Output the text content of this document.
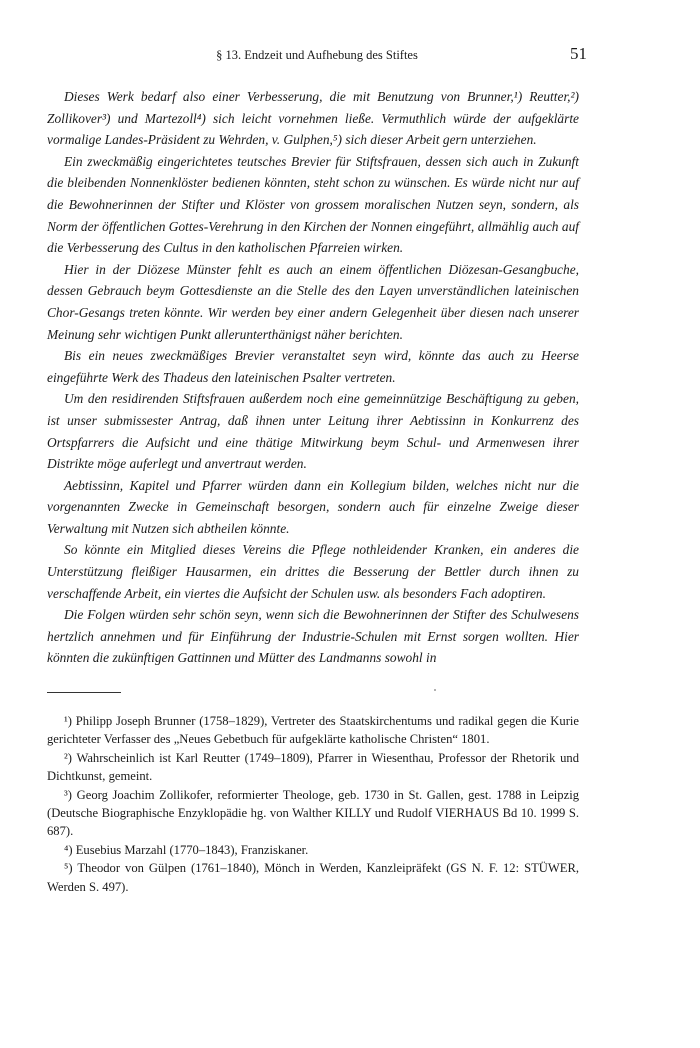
§ 13. Endzeit und Aufhebung des Stiftes	51

Dieses Werk bedarf also einer Verbesserung, die mit Benutzung von Brunner,¹) Reutter,²) Zollikover³) und Martezoll⁴) sich leicht vornehmen ließe. Vermuthlich würde der aufgeklärte vormalige Landes-Präsident zu Wehrden, v. Gulphen,⁵) sich dieser Arbeit gern unterziehen.

Ein zweckmäßig eingerichtetes teutsches Brevier für Stiftsfrauen, dessen sich auch in Zukunft die bleibenden Nonnenklöster bedienen könnten, steht schon zu wünschen. Es würde nicht nur auf die Bewohnerinnen der Stifter und Klöster von grossem moralischen Nutzen seyn, sondern, als Norm der öffentlichen Gottes-Verehrung in den Kirchen der Nonnen eingeführt, allmählig auch auf die Verbesserung des Cultus in den katholischen Pfarreien wirken.

Hier in der Diözese Münster fehlt es auch an einem öffentlichen Diözesan-Gesangbuche, dessen Gebrauch beym Gottesdienste an die Stelle des den Layen unverständlichen lateinischen Chor-Gesangs treten könnte. Wir werden bey einer andern Gelegenheit über diesen nach unserer Meinung sehr wichtigen Punkt allerunterthänigst näher berichten.

Bis ein neues zweckmäßiges Brevier veranstaltet seyn wird, könnte das auch zu Heerse eingeführte Werk des Thadeus den lateinischen Psalter vertreten.

Um den residirenden Stiftsfrauen außerdem noch eine gemeinnützige Beschäftigung zu geben, ist unser submissester Antrag, daß ihnen unter Leitung ihrer Aebtissinn in Konkurrenz des Ortspfarrers die Aufsicht und eine thätige Mitwirkung beym Schul- und Armenwesen ihrer Distrikte möge auferlegt und anvertraut werden.

Aebtissinn, Kapitel und Pfarrer würden dann ein Kollegium bilden, welches nicht nur die vorgenannten Zwecke in Gemeinschaft besorgen, sondern auch für einzelne Zweige dieser Verwaltung mit Nutzen sich abtheilen könnte.

So könnte ein Mitglied dieses Vereins die Pflege nothleidender Kranken, ein anderes die Unterstützung fleißiger Hausarmen, ein drittes die Besserung der Bettler durch ihnen zu verschaffende Arbeit, ein viertes die Aufsicht der Schulen usw. als besonders Fach adoptiren.

Die Folgen würden sehr schön seyn, wenn sich die Bewohnerinnen der Stifter des Schulwesens hertzlich annehmen und für Einführung der Industrie-Schulen mit Ernst sorgen wollten. Hier könnten die zukünftigen Gattinnen und Mütter des Landmanns sowohl in

¹) Philipp Joseph Brunner (1758–1829), Vertreter des Staatskirchentums und radikal gegen die Kurie gerichteter Verfasser des „Neues Gebetbuch für aufgeklärte katholische Christen“ 1801.

²) Wahrscheinlich ist Karl Reutter (1749–1809), Pfarrer in Wiesenthau, Professor der Rhetorik und Dichtkunst, gemeint.

³) Georg Joachim Zollikofer, reformierter Theologe, geb. 1730 in St. Gallen, gest. 1788 in Leipzig (Deutsche Biographische Enzyklopädie hg. von Walther KILLY und Rudolf VIERHAUS Bd 10. 1999 S. 687).

⁴) Eusebius Marzahl (1770–1843), Franziskaner.

⁵) Theodor von Gülpen (1761–1840), Mönch in Werden, Kanzleipräfekt (GS N. F. 12: STÜWER, Werden S. 497).
